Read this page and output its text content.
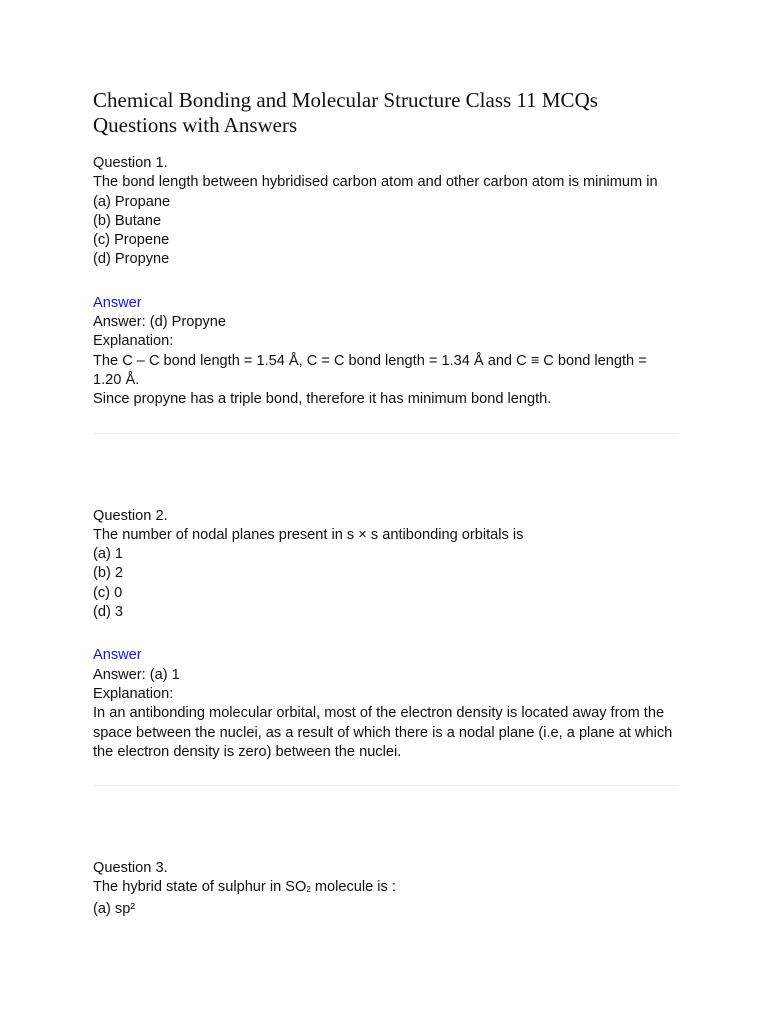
Chemical Bonding and Molecular Structure Class 11 MCQs Questions with Answers
Question 1.
The bond length between hybridised carbon atom and other carbon atom is minimum in
(a) Propane
(b) Butane
(c) Propene
(d) Propyne
Answer
Answer: (d) Propyne
Explanation:
The C – C bond length = 1.54 Å, C = C bond length = 1.34 Å and C ≡ C bond length = 1.20 Å.
Since propyne has a triple bond, therefore it has minimum bond length.
Question 2.
The number of nodal planes present in s × s antibonding orbitals is
(a) 1
(b) 2
(c) 0
(d) 3
Answer
Answer: (a) 1
Explanation:
In an antibonding molecular orbital, most of the electron density is located away from the space between the nuclei, as a result of which there is a nodal plane (i.e, a plane at which the electron density is zero) between the nuclei.
Question 3.
The hybrid state of sulphur in $SO_2$ molecule is :
(a) sp²
